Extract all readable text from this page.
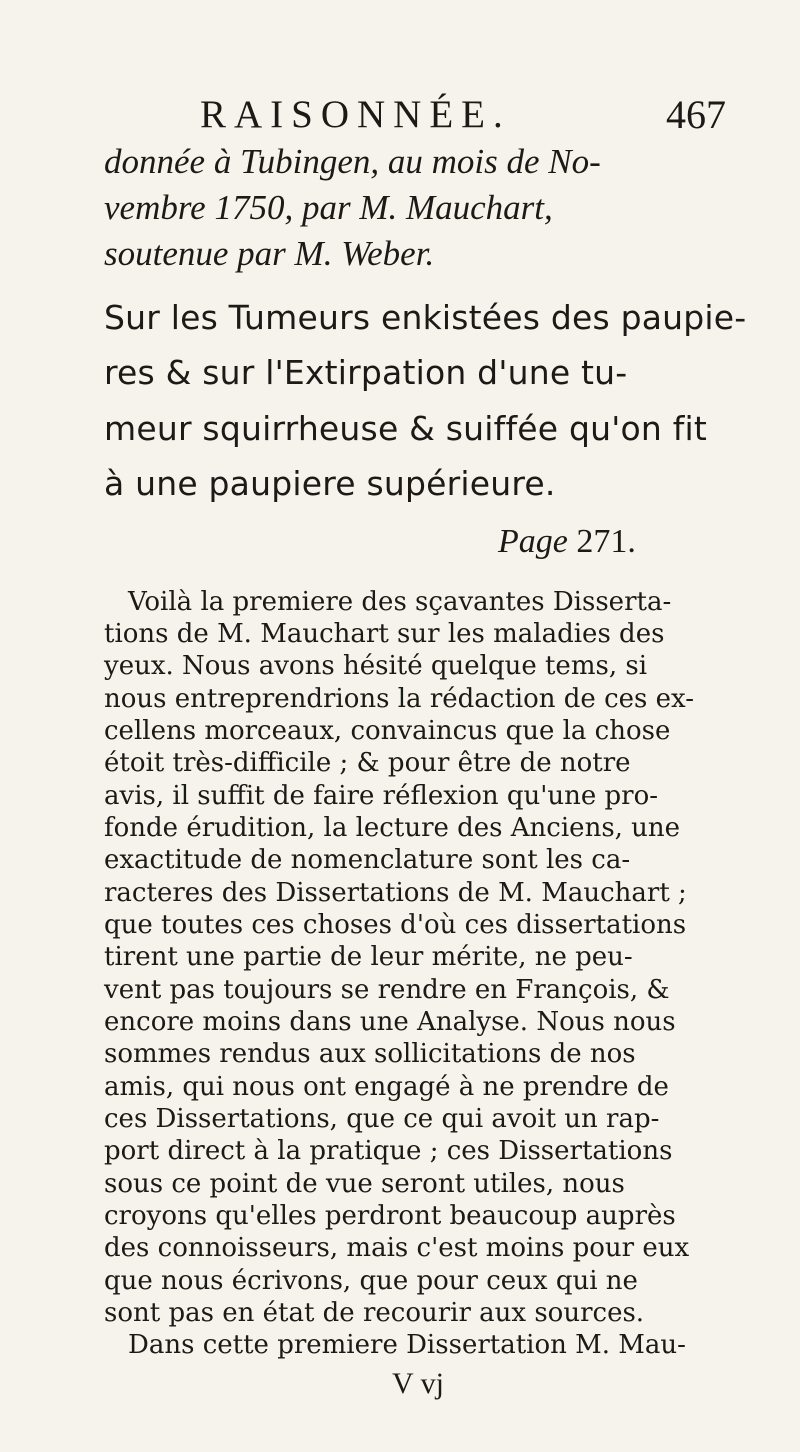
RAISONNÉE.	467
donnée à Tubingen, au mois de No-
vembre 1750, par M. Mauchart,
soutenue par M. Weber.
Sur les Tumeurs enkistées des paupie-
res & sur l'Extirpation d'une tu-
meur squirrheuse & suiffée qu'on fit
à une paupiere supérieure.
Page 271.
Voilà la premiere des sçavantes Disserta-
tions de M. Mauchart sur les maladies des
yeux. Nous avons hésité quelque tems, si
nous entreprendrions la rédaction de ces ex-
cellens morceaux, convaincus que la chose
étoit très-difficile ; & pour être de notre
avis, il suffit de faire réflexion qu'une pro-
fonde érudition, la lecture des Anciens, une
exactitude de nomenclature sont les ca-
racteres des Dissertations de M. Mauchart ;
que toutes ces choses d'où ces dissertations
tirent une partie de leur mérite, ne peu-
vent pas toujours se rendre en François, &
encore moins dans une Analyse. Nous nous
sommes rendus aux sollicitations de nos
amis, qui nous ont engagé à ne prendre de
ces Dissertations, que ce qui avoit un rap-
port direct à la pratique ; ces Dissertations
sous ce point de vue seront utiles, nous
croyons qu'elles perdront beaucoup auprès
des connoisseurs, mais c'est moins pour eux
que nous écrivons, que pour ceux qui ne
sont pas en état de recourir aux sources.
Dans cette premiere Dissertation M. Mau-
V vj
